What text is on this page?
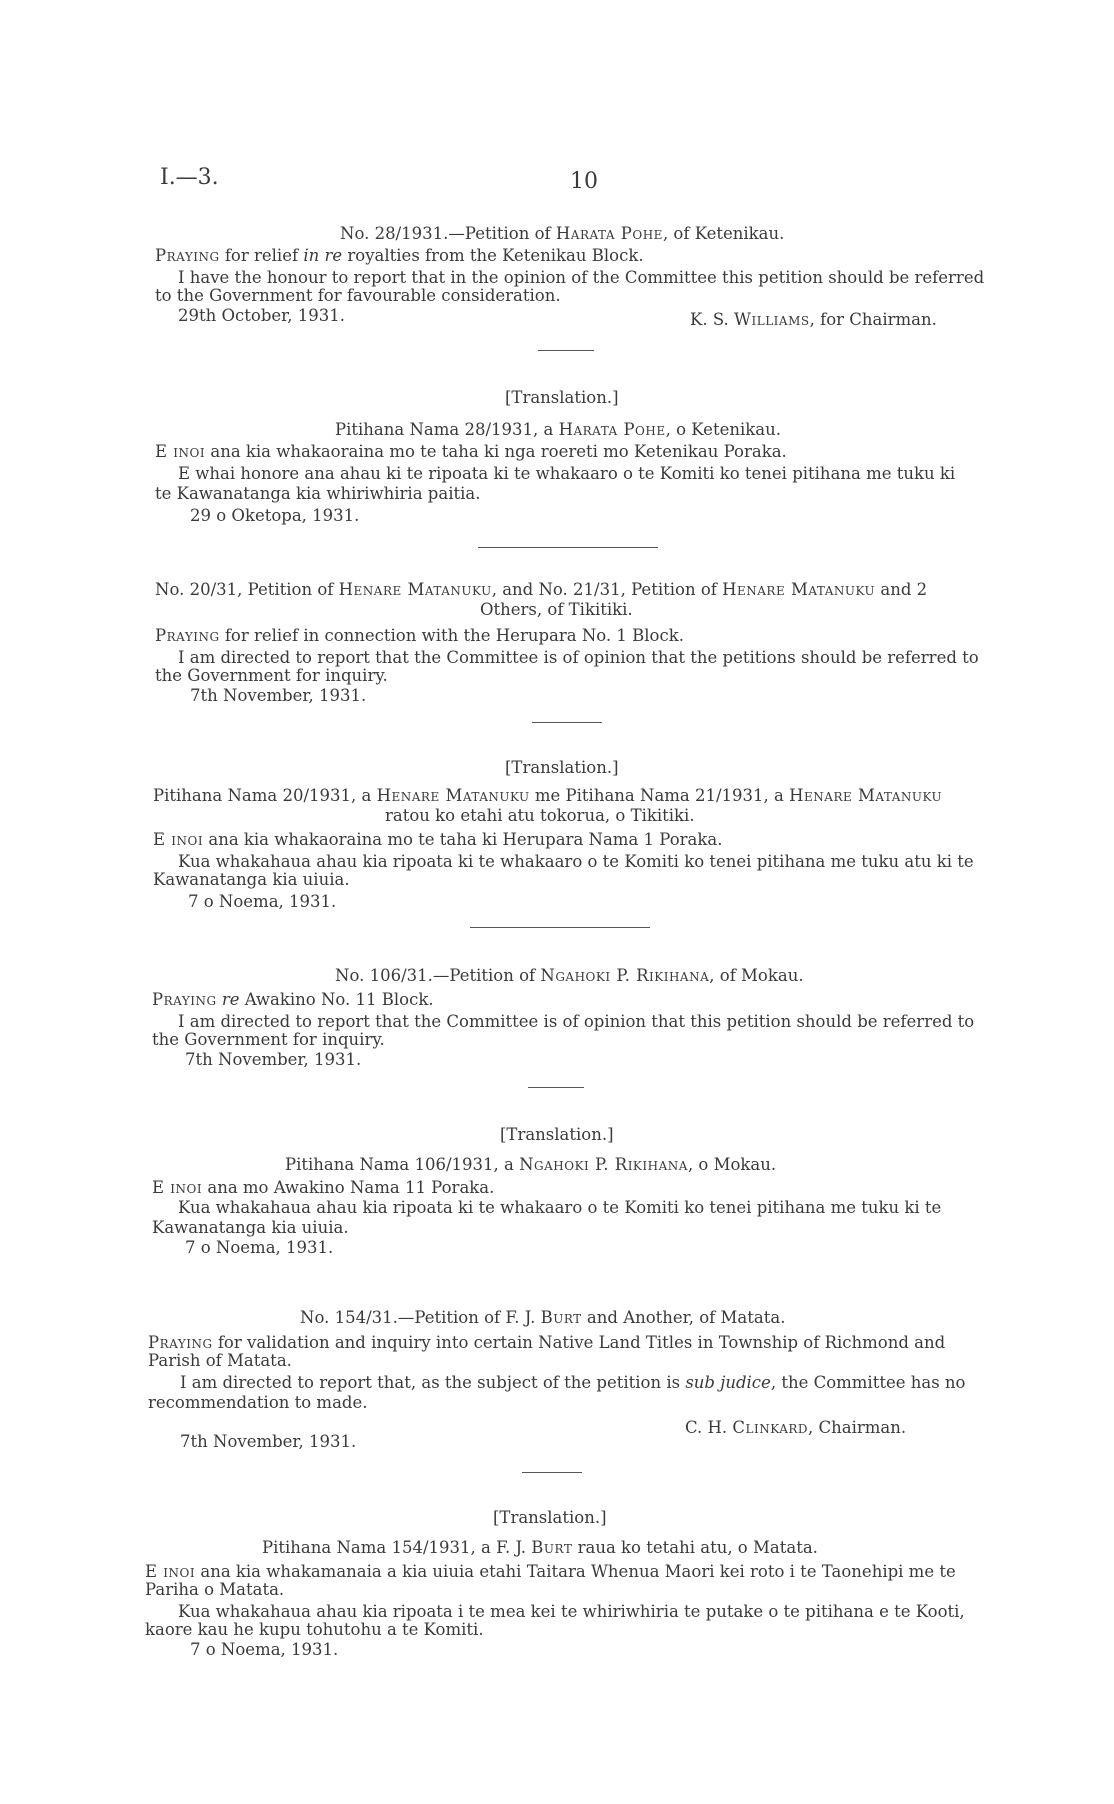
I.—3.	10
No. 28/1931.—Petition of Harata Pohe, of Ketenikau.
Praying for relief in re royalties from the Ketenikau Block.
I have the honour to report that in the opinion of the Committee this petition should be referred
to the Government for favourable consideration.
29th October, 1931.	K. S. Williams, for Chairman.
[Translation.]
Pitihana Nama 28/1931, a Harata Pohe, o Ketenikau.
E inoi ana kia whakaoraina mo te taha ki nga roereti mo Ketenikau Poraka.
E whai honore ana ahau ki te ripoata ki te whakaaro o te Komiti ko tenei pitihana me tuku ki
te Kawanatanga kia whiriwhiria paitia.
29 o Oketopa, 1931.
No. 20/31, Petition of Henare Matanuku, and No. 21/31, Petition of Henare Matanuku and 2
Others, of Tikitiki.
Praying for relief in connection with the Herupara No. 1 Block.
I am directed to report that the Committee is of opinion that the petitions should be referred to
the Government for inquiry.
7th November, 1931.
[Translation.]
Pitihana Nama 20/1931, a Henare Matanuku me Pitihana Nama 21/1931, a Henare Matanuku
ratou ko etahi atu tokorua, o Tikitiki.
E inoi ana kia whakaoraina mo te taha ki Herupara Nama 1 Poraka.
Kua whakahaua ahau kia ripoata ki te whakaaro o te Komiti ko tenei pitihana me tuku atu ki te
Kawanatanga kia uiuia.
7 o Noema, 1931.
No. 106/31.—Petition of Ngahoki P. Rikihana, of Mokau.
Praying re Awakino No. 11 Block.
I am directed to report that the Committee is of opinion that this petition should be referred to
the Government for inquiry.
7th November, 1931.
[Translation.]
Pitihana Nama 106/1931, a Ngahoki P. Rikihana, o Mokau.
E inoi ana mo Awakino Nama 11 Poraka.
Kua whakahaua ahau kia ripoata ki te whakaaro o te Komiti ko tenei pitihana me tuku ki te
Kawanatanga kia uiuia.
7 o Noema, 1931.
No. 154/31.—Petition of F. J. Burt and Another, of Matata.
Praying for validation and inquiry into certain Native Land Titles in Township of Richmond and
Parish of Matata.
I am directed to report that, as the subject of the petition is sub judice, the Committee has no
recommendation to made.
C. H. Clinkard, Chairman.
7th November, 1931.
[Translation.]
Pitihana Nama 154/1931, a F. J. Burt raua ko tetahi atu, o Matata.
E inoi ana kia whakamanaia a kia uiuia etahi Taitara Whenua Maori kei roto i te Taonehipi me te
Pariha o Matata.
Kua whakahaua ahau kia ripoata i te mea kei te whiriwhiria te putake o te pitihana e te Kooti,
kaore kau he kupu tohutohu a te Komiti.
7 o Noema, 1931.
